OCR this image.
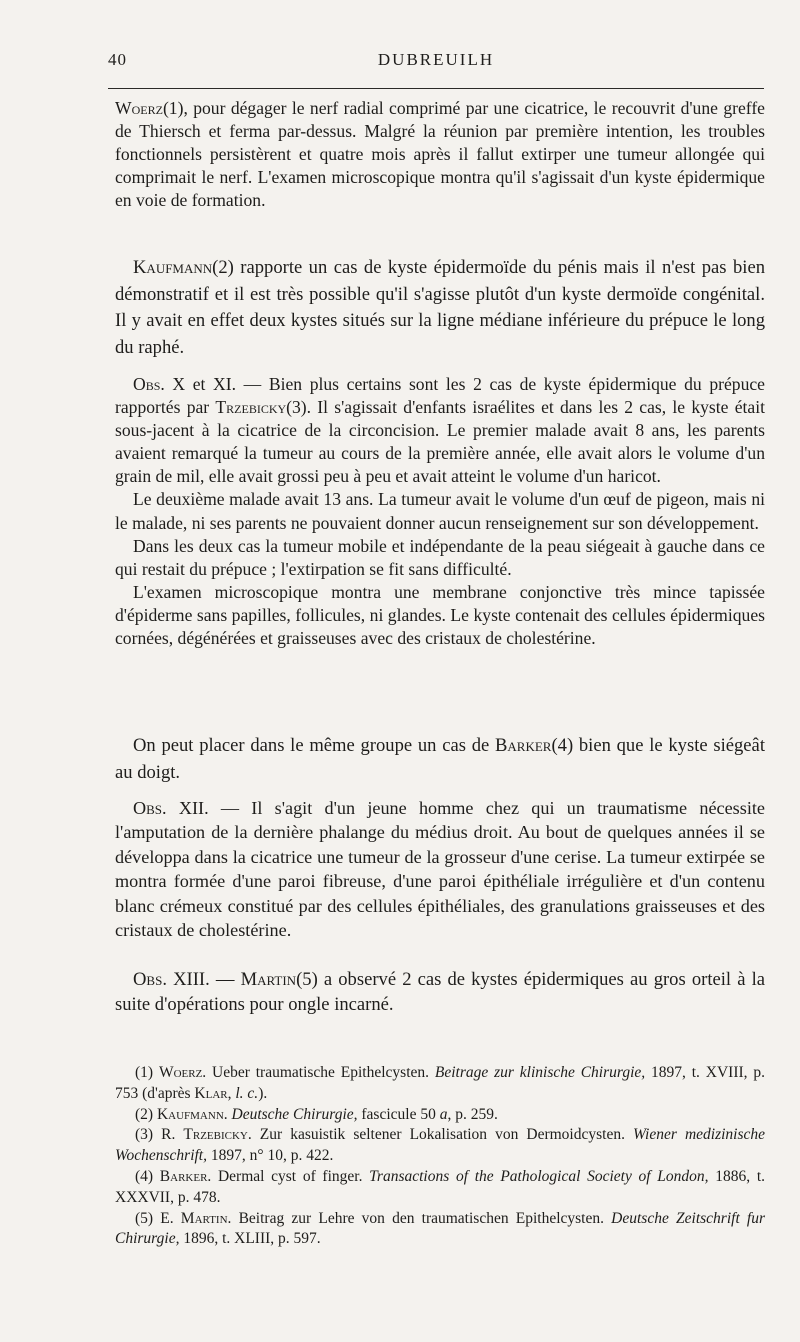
40	DUBREUILH

Woerz(1), pour dégager le nerf radial comprimé par une cicatrice, le recouvrit d'une greffe de Thiersch et ferma par-dessus. Malgré la réunion par première intention, les troubles fonctionnels persistèrent et quatre mois après il fallut extirper une tumeur allongée qui comprimait le nerf. L'examen microscopique montra qu'il s'agissait d'un kyste épidermique en voie de formation.

Kaufmann(2) rapporte un cas de kyste épidermoïde du pénis mais il n'est pas bien démonstratif et il est très possible qu'il s'agisse plutôt d'un kyste dermoïde congénital. Il y avait en effet deux kystes situés sur la ligne médiane inférieure du prépuce le long du raphé.

Obs. X et XI. — Bien plus certains sont les 2 cas de kyste épidermique du prépuce rapportés par Trzebicky(3). Il s'agissait d'enfants israélites et dans les 2 cas, le kyste était sous-jacent à la cicatrice de la circoncision. Le premier malade avait 8 ans, les parents avaient remarqué la tumeur au cours de la première année, elle avait alors le volume d'un grain de mil, elle avait grossi peu à peu et avait atteint le volume d'un haricot.

Le deuxième malade avait 13 ans. La tumeur avait le volume d'un œuf de pigeon, mais ni le malade, ni ses parents ne pouvaient donner aucun renseignement sur son développement.

Dans les deux cas la tumeur mobile et indépendante de la peau siégeait à gauche dans ce qui restait du prépuce ; l'extirpation se fit sans difficulté.

L'examen microscopique montra une membrane conjonctive très mince tapissée d'épiderme sans papilles, follicules, ni glandes. Le kyste contenait des cellules épidermiques cornées, dégénérées et graisseuses avec des cristaux de cholestérine.

On peut placer dans le même groupe un cas de Barker(4) bien que le kyste siégeât au doigt.

Obs. XII. — Il s'agit d'un jeune homme chez qui un traumatisme nécessite l'amputation de la dernière phalange du médius droit. Au bout de quelques années il se développa dans la cicatrice une tumeur de la grosseur d'une cerise. La tumeur extirpée se montra formée d'une paroi fibreuse, d'une paroi épithéliale irrégulière et d'un contenu blanc crémeux constitué par des cellules épithéliales, des granulations graisseuses et des cristaux de cholestérine.

Obs. XIII. — Martin(5) a observé 2 cas de kystes épidermiques au gros orteil à la suite d'opérations pour ongle incarné.

(1) Woerz. Ueber traumatische Epithelcysten. Beitrage zur klinische Chirurgie, 1897, t. XVIII, p. 753 (d'après Klar, l. c.).

(2) Kaufmann. Deutsche Chirurgie, fascicule 50 a, p. 259.

(3) R. Trzebicky. Zur kasuistik seltener Lokalisation von Dermoidcysten. Wiener medizinische Wochenschrift, 1897, n° 10, p. 422.

(4) Barker. Dermal cyst of finger. Transactions of the Pathological Society of London, 1886, t. XXXVII, p. 478.

(5) E. Martin. Beitrag zur Lehre von den traumatischen Epithelcysten. Deutsche Zeitschrift fur Chirurgie, 1896, t. XLIII, p. 597.
